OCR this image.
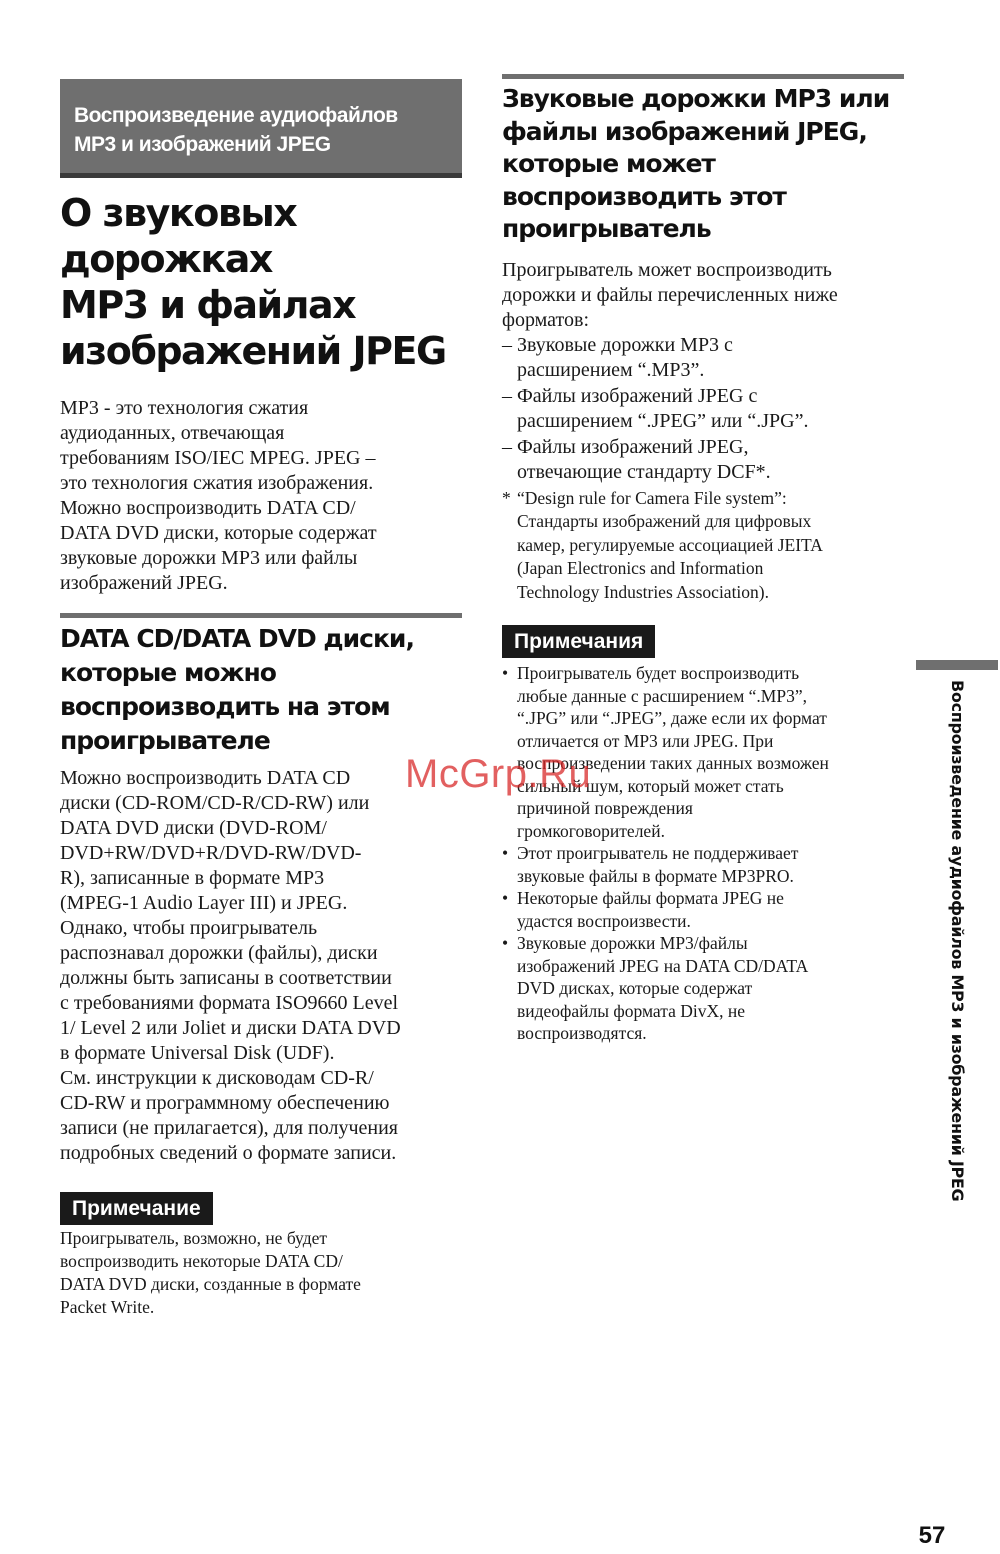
Воспроизведение аудиофайлов
MP3 и изображений JPEG
О звуковых дорожках
MP3 и файлах
изображений JPEG
MP3 - это технология сжатия
аудиоданных, отвечающая
требованиям ISO/IEC MPEG. JPEG –
это технология сжатия изображения.
Можно воспроизводить DATA CD/
DATA DVD диски, которые содержат
звуковые дорожки MP3 или файлы
изображений JPEG.
DATA CD/DATA DVD диски,
которые можно
воспроизводить на этом
проигрывателе
Можно воспроизводить DATA CD
диски (CD-ROM/CD-R/CD-RW) или
DATA DVD диски (DVD-ROM/
DVD+RW/DVD+R/DVD-RW/DVD-
R), записанные в формате MP3
(MPEG-1 Audio Layer III) и JPEG.
Однако, чтобы проигрыватель
распознавал дорожки (файлы), диски
должны быть записаны в соответствии
с требованиями формата ISO9660 Level
1/ Level 2 или Joliet и диски DATA DVD
в формате Universal Disk (UDF).
См. инструкции к дисководам CD-R/
CD-RW и программному обеспечению
записи (не прилагается), для получения
подробных сведений о формате записи.
Примечание
Проигрыватель, возможно, не будет
воспроизводить некоторые DATA CD/
DATA DVD диски, созданные в формате
Packet Write.
Звуковые дорожки MP3 или
файлы изображений JPEG,
которые может
воспроизводить этот
проигрыватель
Проигрыватель может воспроизводить
дорожки и файлы перечисленных ниже
форматов:
– Звуковые дорожки MP3 с
расширением “.MP3”.
– Файлы изображений JPEG с
расширением “.JPEG” или “.JPG”.
– Файлы изображений JPEG,
отвечающие стандарту DCF*.
* “Design rule for Camera File system”:
Стандарты изображений для цифровых
камер, регулируемые ассоциацией JEITA
(Japan Electronics and Information
Technology Industries Association).
Примечания
• Проигрыватель будет воспроизводить
любые данные с расширением “.MP3”,
“.JPG” или “.JPEG”, даже если их формат
отличается от MP3 или JPEG. При
воспроизведении таких данных возможен
сильный шум, который может стать
причиной повреждения
громкоговорителей.
• Этот проигрыватель не поддерживает
звуковые файлы в формате MP3PRO.
• Некоторые файлы формата JPEG не
удастся воспроизвести.
• Звуковые дорожки MP3/файлы
изображений JPEG на DATA CD/DATA
DVD дисках, которые содержат
видеофайлы формата DivX, не
воспроизводятся.	Воспроизведение аудиофайлов MP3 и изображений JPEG
McGrp.Ru
57
